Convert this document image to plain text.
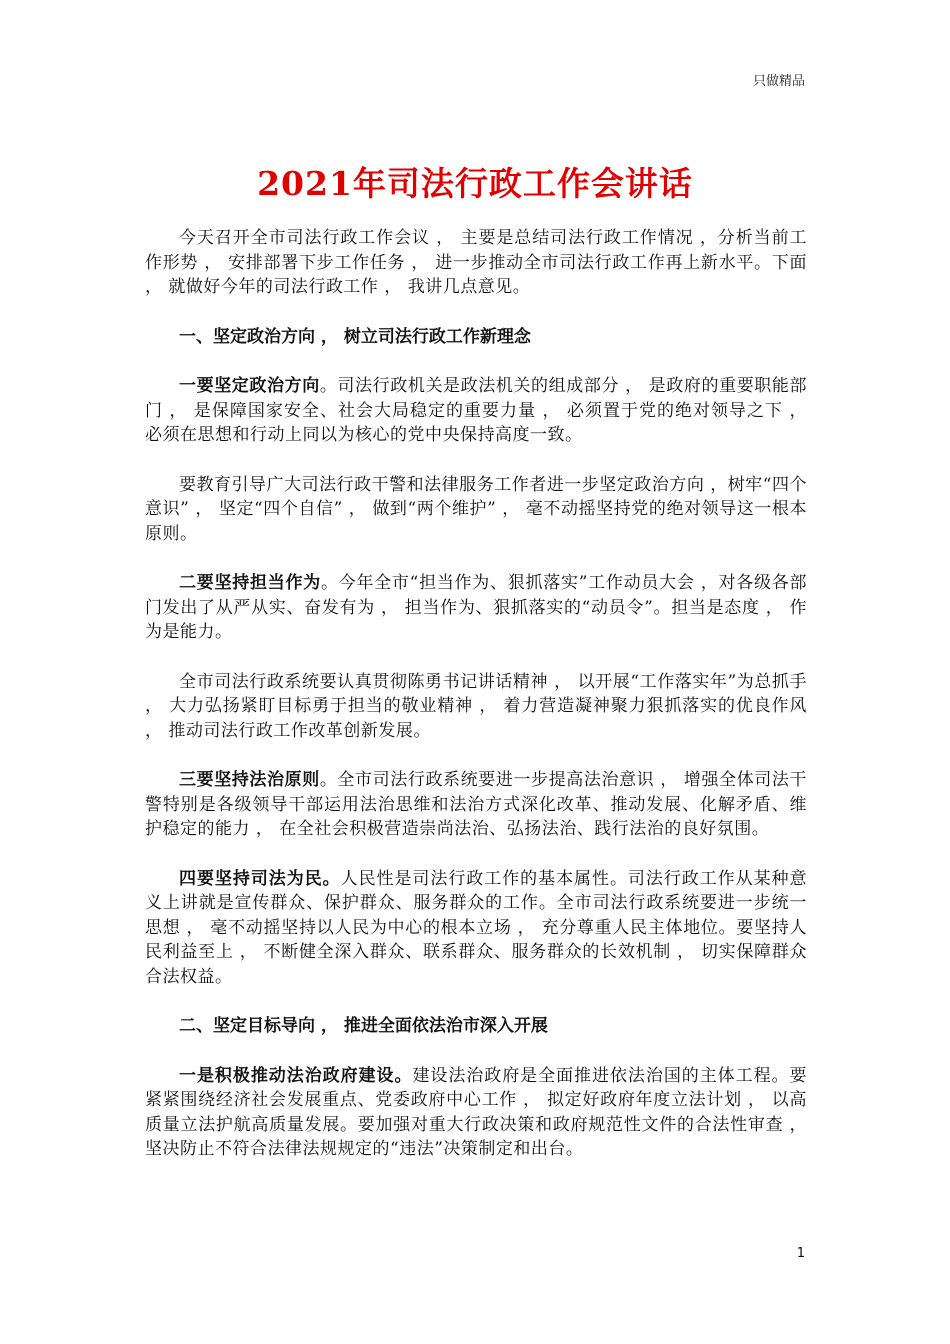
只做精品
2021年司法行政工作会讲话

今天召开全市司法行政工作会议 ， 主要是总结司法行政工作情况 ，分析当前工作形势 ， 安排部署下步工作任务 ， 进一步推动全市司法行政工作再上新水平。下面 ， 就做好今年的司法行政工作 ， 我讲几点意见。

一、坚定政治方向 ， 树立司法行政工作新理念

一要坚定政治方向。司法行政机关是政法机关的组成部分 ， 是政府的重要职能部门 ， 是保障国家安全、社会大局稳定的重要力量 ， 必须置于党的绝对领导之下 ， 必须在思想和行动上同以为核心的党中央保持高度一致。

要教育引导广大司法行政干警和法律服务工作者进一步坚定政治方向 ，树牢“四个意识” ， 坚定“四个自信” ， 做到“两个维护” ， 毫不动摇坚持党的绝对领导这一根本原则。

二要坚持担当作为。今年全市“担当作为、狠抓落实”工作动员大会 ，对各级各部门发出了从严从实、奋发有为 ， 担当作为、狠抓落实的“动员令”。担当是态度 ， 作为是能力。

全市司法行政系统要认真贯彻陈勇书记讲话精神 ， 以开展“工作落实年”为总抓手 ， 大力弘扬紧盯目标勇于担当的敬业精神 ， 着力营造凝神聚力狠抓落实的优良作风 ， 推动司法行政工作改革创新发展。

三要坚持法治原则。全市司法行政系统要进一步提高法治意识 ， 增强全体司法干警特别是各级领导干部运用法治思维和法治方式深化改革、推动发展、化解矛盾、维护稳定的能力 ， 在全社会积极营造崇尚法治、弘扬法治、践行法治的良好氛围。

四要坚持司法为民。人民性是司法行政工作的基本属性。司法行政工作从某种意义上讲就是宣传群众、保护群众、服务群众的工作。全市司法行政系统要进一步统一思想 ， 毫不动摇坚持以人民为中心的根本立场 ， 充分尊重人民主体地位。要坚持人民利益至上 ， 不断健全深入群众、联系群众、服务群众的长效机制 ， 切实保障群众合法权益。

二、坚定目标导向 ， 推进全面依法治市深入开展

一是积极推动法治政府建设。建设法治政府是全面推进依法治国的主体工程。要紧紧围绕经济社会发展重点、党委政府中心工作 ， 拟定好政府年度立法计划 ， 以高质量立法护航高质量发展。要加强对重大行政决策和政府规范性文件的合法性审查 ， 坚决防止不符合法律法规规定的“违法”决策制定和出台。

1
